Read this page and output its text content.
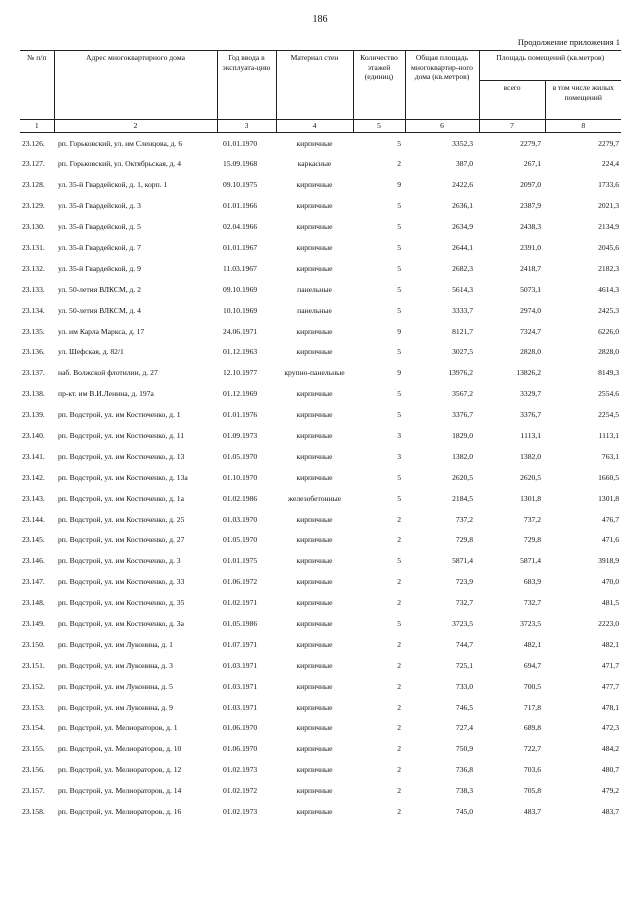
186
Продолжение приложения 1
№ п/п	Адрес многоквартирного дома	Год ввода в эксплуата-цию	Материал стен	Количество этажей (единиц)	Общая площадь многоквартир-ного дома (кв.метров)	Площадь помещений (кв.метров)	
						всего	в том числе жилых помещений
1	2	3	4	5	6	7	8
23.126.	рп. Горьковский, ул. им Сленцова, д. 6	01.01.1970	кирпичные	5	3352,3	2279,7	2279,7
23.127.	рп. Горьковский, ул. Октябрьская, д. 4	15.09.1968	каркасные	2	387,0	267,1	224,4
23.128.	ул. 35-й Гвардейской, д. 1, корп. 1	09.10.1975	кирпичные	9	2422,6	2097,0	1733,6
23.129.	ул. 35-й Гвардейской, д. 3	01.01.1966	кирпичные	5	2636,1	2387,9	2021,3
23.130.	ул. 35-й Гвардейской, д. 5	02.04.1966	кирпичные	5	2634,9	2438,3	2134,9
23.131.	ул. 35-й Гвардейской, д. 7	01.01.1967	кирпичные	5	2644,1	2391,0	2045,6
23.132.	ул. 35-й Гвардейской, д. 9	11.03.1967	кирпичные	5	2682,3	2418,7	2182,3
23.133.	ул. 50-летия ВЛКСМ, д. 2	09.10.1969	панельные	5	5614,3	5073,1	4614,3
23.134.	ул. 50-летия ВЛКСМ, д. 4	10.10.1969	панельные	5	3333,7	2974,0	2425,3
23.135.	ул. им Карла Маркса, д. 17	24.06.1971	кирпичные	9	8121,7	7324,7	6226,0
23.136.	ул. Шефская, д. 82/1	01.12.1963	кирпичные	5	3027,5	2828,0	2828,0
23.137.	наб. Волжской флотилии, д. 27	12.10.1977	крупно-панельные	9	13976,2	13826,2	8149,3
23.138.	пр-кт. им В.И.Ленина, д. 197а	01.12.1969	кирпичные	5	3567,2	3329,7	2554,6
23.139.	рп. Водстрой, ул. им Костюченко, д. 1	01.01.1976	кирпичные	5	3376,7	3376,7	2254,5
23.140.	рп. Водстрой, ул. им Костюченко, д. 11	01.09.1973	кирпичные	3	1829,0	1113,1	1113,1
23.141.	рп. Водстрой, ул. им Костюченко, д. 13	01.05.1970	кирпичные	3	1382,0	1382,0	763,1
23.142.	рп. Водстрой, ул. им Костюченко, д. 13а	01.10.1970	кирпичные	5	2620,5	2620,5	1660,5
23.143.	рп. Водстрой, ул. им Костюченко, д. 1а	01.02.1986	железобетонные	5	2184,5	1301,8	1301,8
23.144.	рп. Водстрой, ул. им Костюченко, д. 25	01.03.1970	кирпичные	2	737,2	737,2	476,7
23.145.	рп. Водстрой, ул. им Костюченко, д. 27	01.05.1970	кирпичные	2	729,8	729,8	471,6
23.146.	рп. Водстрой, ул. им Костюченко, д. 3	01.01.1975	кирпичные	5	5871,4	5871,4	3918,9
23.147.	рп. Водстрой, ул. им Костюченко, д. 33	01.06.1972	кирпичные	2	723,9	683,9	470,0
23.148.	рп. Водстрой, ул. им Костюченко, д. 35	01.02.1971	кирпичные	2	732,7	732,7	481,5
23.149.	рп. Водстрой, ул. им Костюченко, д. 3а	01.05.1986	кирпичные	5	3723,5	3723,5	2223,0
23.150.	рп. Водстрой, ул. им Луконина, д. 1	01.07.1971	кирпичные	2	744,7	482,1	482,1
23.151.	рп. Водстрой, ул. им Луконина, д. 3	01.03.1971	кирпичные	2	725,1	694,7	471,7
23.152.	рп. Водстрой, ул. им Луконина, д. 5	01.03.1971	кирпичные	2	733,0	700,5	477,7
23.153.	рп. Водстрой, ул. им Луконина, д. 9	01.03.1971	кирпичные	2	746,5	717,8	478,1
23.154.	рп. Водстрой, ул. Мелиораторов, д. 1	01.06.1970	кирпичные	2	727,4	689,8	472,3
23.155.	рп. Водстрой, ул. Мелиораторов, д. 10	01.06.1970	кирпичные	2	750,9	722,7	484,2
23.156.	рп. Водстрой, ул. Мелиораторов, д. 12	01.02.1973	кирпичные	2	736,8	703,6	480,7
23.157.	рп. Водстрой, ул. Мелиораторов, д. 14	01.02.1972	кирпичные	2	738,3	705,8	479,2
23.158.	рп. Водстрой, ул. Мелиораторов, д. 16	01.02.1973	кирпичные	2	745,0	483,7	483,7
